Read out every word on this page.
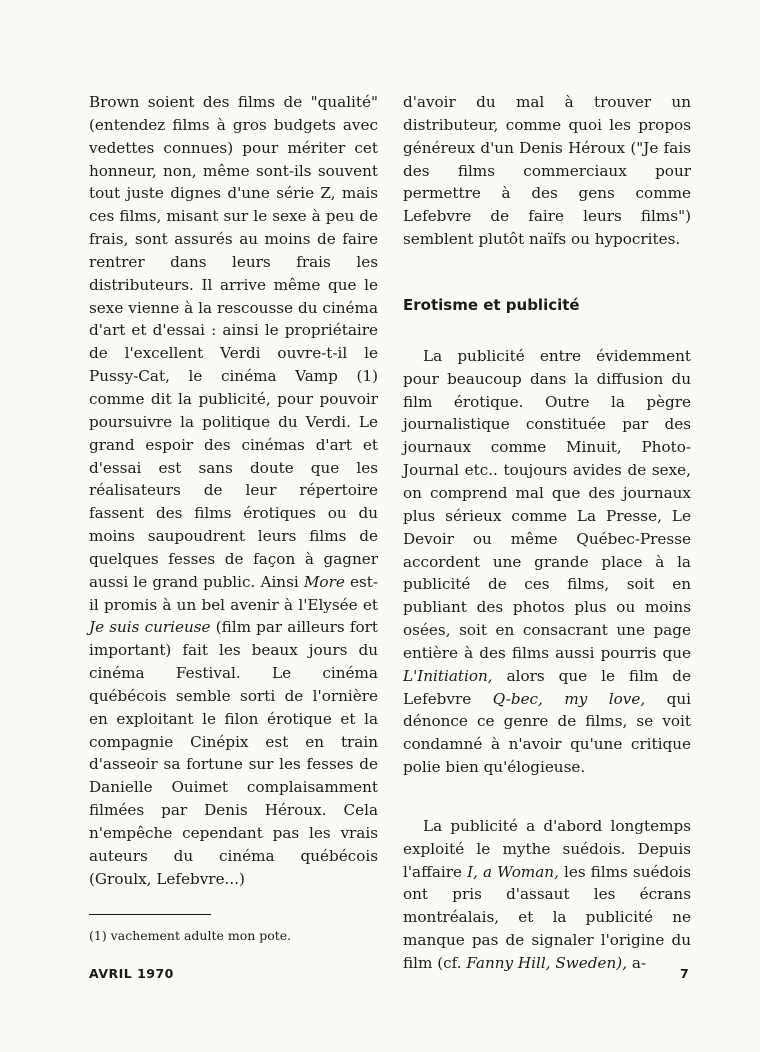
Brown soient des films de "qualité" (entendez films à gros budgets avec vedettes connues) pour mériter cet honneur, non, même sont-ils souvent tout juste dignes d'une série Z, mais ces films, misant sur le sexe à peu de frais, sont assurés au moins de faire rentrer dans leurs frais les distributeurs. Il arrive même que le sexe vienne à la rescousse du cinéma d'art et d'essai : ainsi le propriétaire de l'excellent Verdi ouvre-t-il le Pussy-Cat, le cinéma Vamp (1) comme dit la publicité, pour pouvoir poursuivre la politique du Verdi. Le grand espoir des cinémas d'art et d'essai est sans doute que les réalisateurs de leur répertoire fassent des films érotiques ou du moins saupoudrent leurs films de quelques fesses de façon à gagner aussi le grand public. Ainsi More est-il promis à un bel avenir à l'Elysée et Je suis curieuse (film par ailleurs fort important) fait les beaux jours du cinéma Festival. Le cinéma québécois semble sorti de l'ornière en exploitant le filon érotique et la compagnie Cinépix est en train d'asseoir sa fortune sur les fesses de Danielle Ouimet complaisamment filmées par Denis Héroux. Cela n'empêche cependant pas les vrais auteurs du cinéma québécois (Groulx, Lefebvre...)

d'avoir du mal à trouver un distributeur, comme quoi les propos généreux d'un Denis Héroux ("Je fais des films commerciaux pour permettre à des gens comme Lefebvre de faire leurs films") semblent plutôt naïfs ou hypocrites.

Erotisme et publicité

La publicité entre évidemment pour beaucoup dans la diffusion du film érotique. Outre la pègre journalistique constituée par des journaux comme Minuit, Photo-Journal etc.. toujours avides de sexe, on comprend mal que des journaux plus sérieux comme La Presse, Le Devoir ou même Québec-Presse accordent une grande place à la publicité de ces films, soit en publiant des photos plus ou moins osées, soit en consacrant une page entière à des films aussi pourris que L'Initiation, alors que le film de Lefebvre Q-bec, my love, qui dénonce ce genre de films, se voit condamné à n'avoir qu'une critique polie bien qu'élogieuse.

La publicité a d'abord longtemps exploité le mythe suédois. Depuis l'affaire I, a Woman, les films suédois ont pris d'assaut les écrans montréalais, et la publicité ne manque pas de signaler l'origine du film (cf. Fanny Hill, Sweden), a-

(1) vachement adulte mon pote.
AVRIL 1970	7
